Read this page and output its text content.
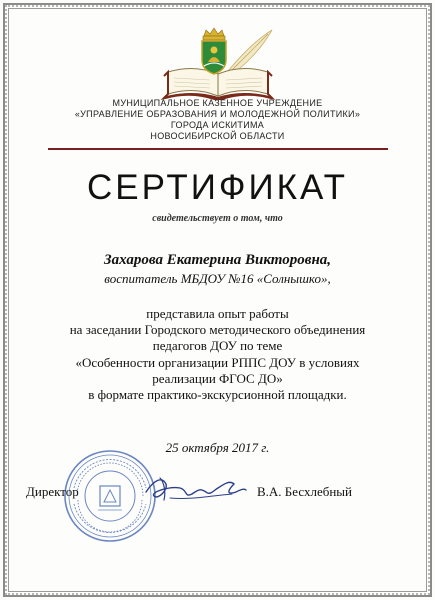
МУНИЦИПАЛЬНОЕ КАЗЕННОЕ УЧРЕЖДЕНИЕ
«УПРАВЛЕНИЕ ОБРАЗОВАНИЯ И МОЛОДЕЖНОЙ ПОЛИТИКИ»
ГОРОДА ИСКИТИМА
НОВОСИБИРСКОЙ ОБЛАСТИ
СЕРТИФИКАТ
свидетельствует о том, что
Захарова Екатерина Викторовна,
воспитатель МБДОУ №16 «Солнышко»,
представила опыт работы
на заседании Городского методического объединения
педагогов ДОУ по теме
«Особенности организации РППС ДОУ в условиях
реализации ФГОС ДО»
в формате практико-экскурсионной площадки.
25 октября 2017 г.
Директор	В.А. Бесхлебный
